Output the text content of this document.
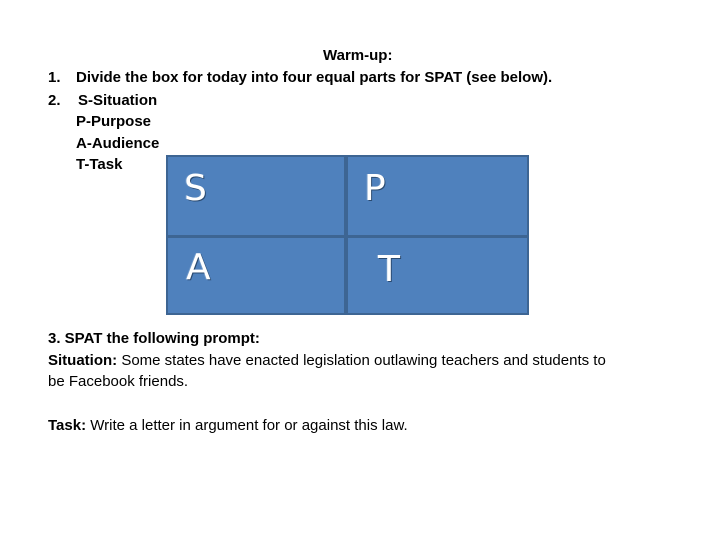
Warm-up:
1. Divide the box for today into four equal parts for SPAT (see below).
2. S-Situation
P-Purpose
A-Audience
T-Task
S	P
A	T
3. SPAT the following prompt:
Situation: Some states have enacted legislation outlawing teachers and students to
be Facebook friends.
Task: Write a letter in argument for or against this law.
